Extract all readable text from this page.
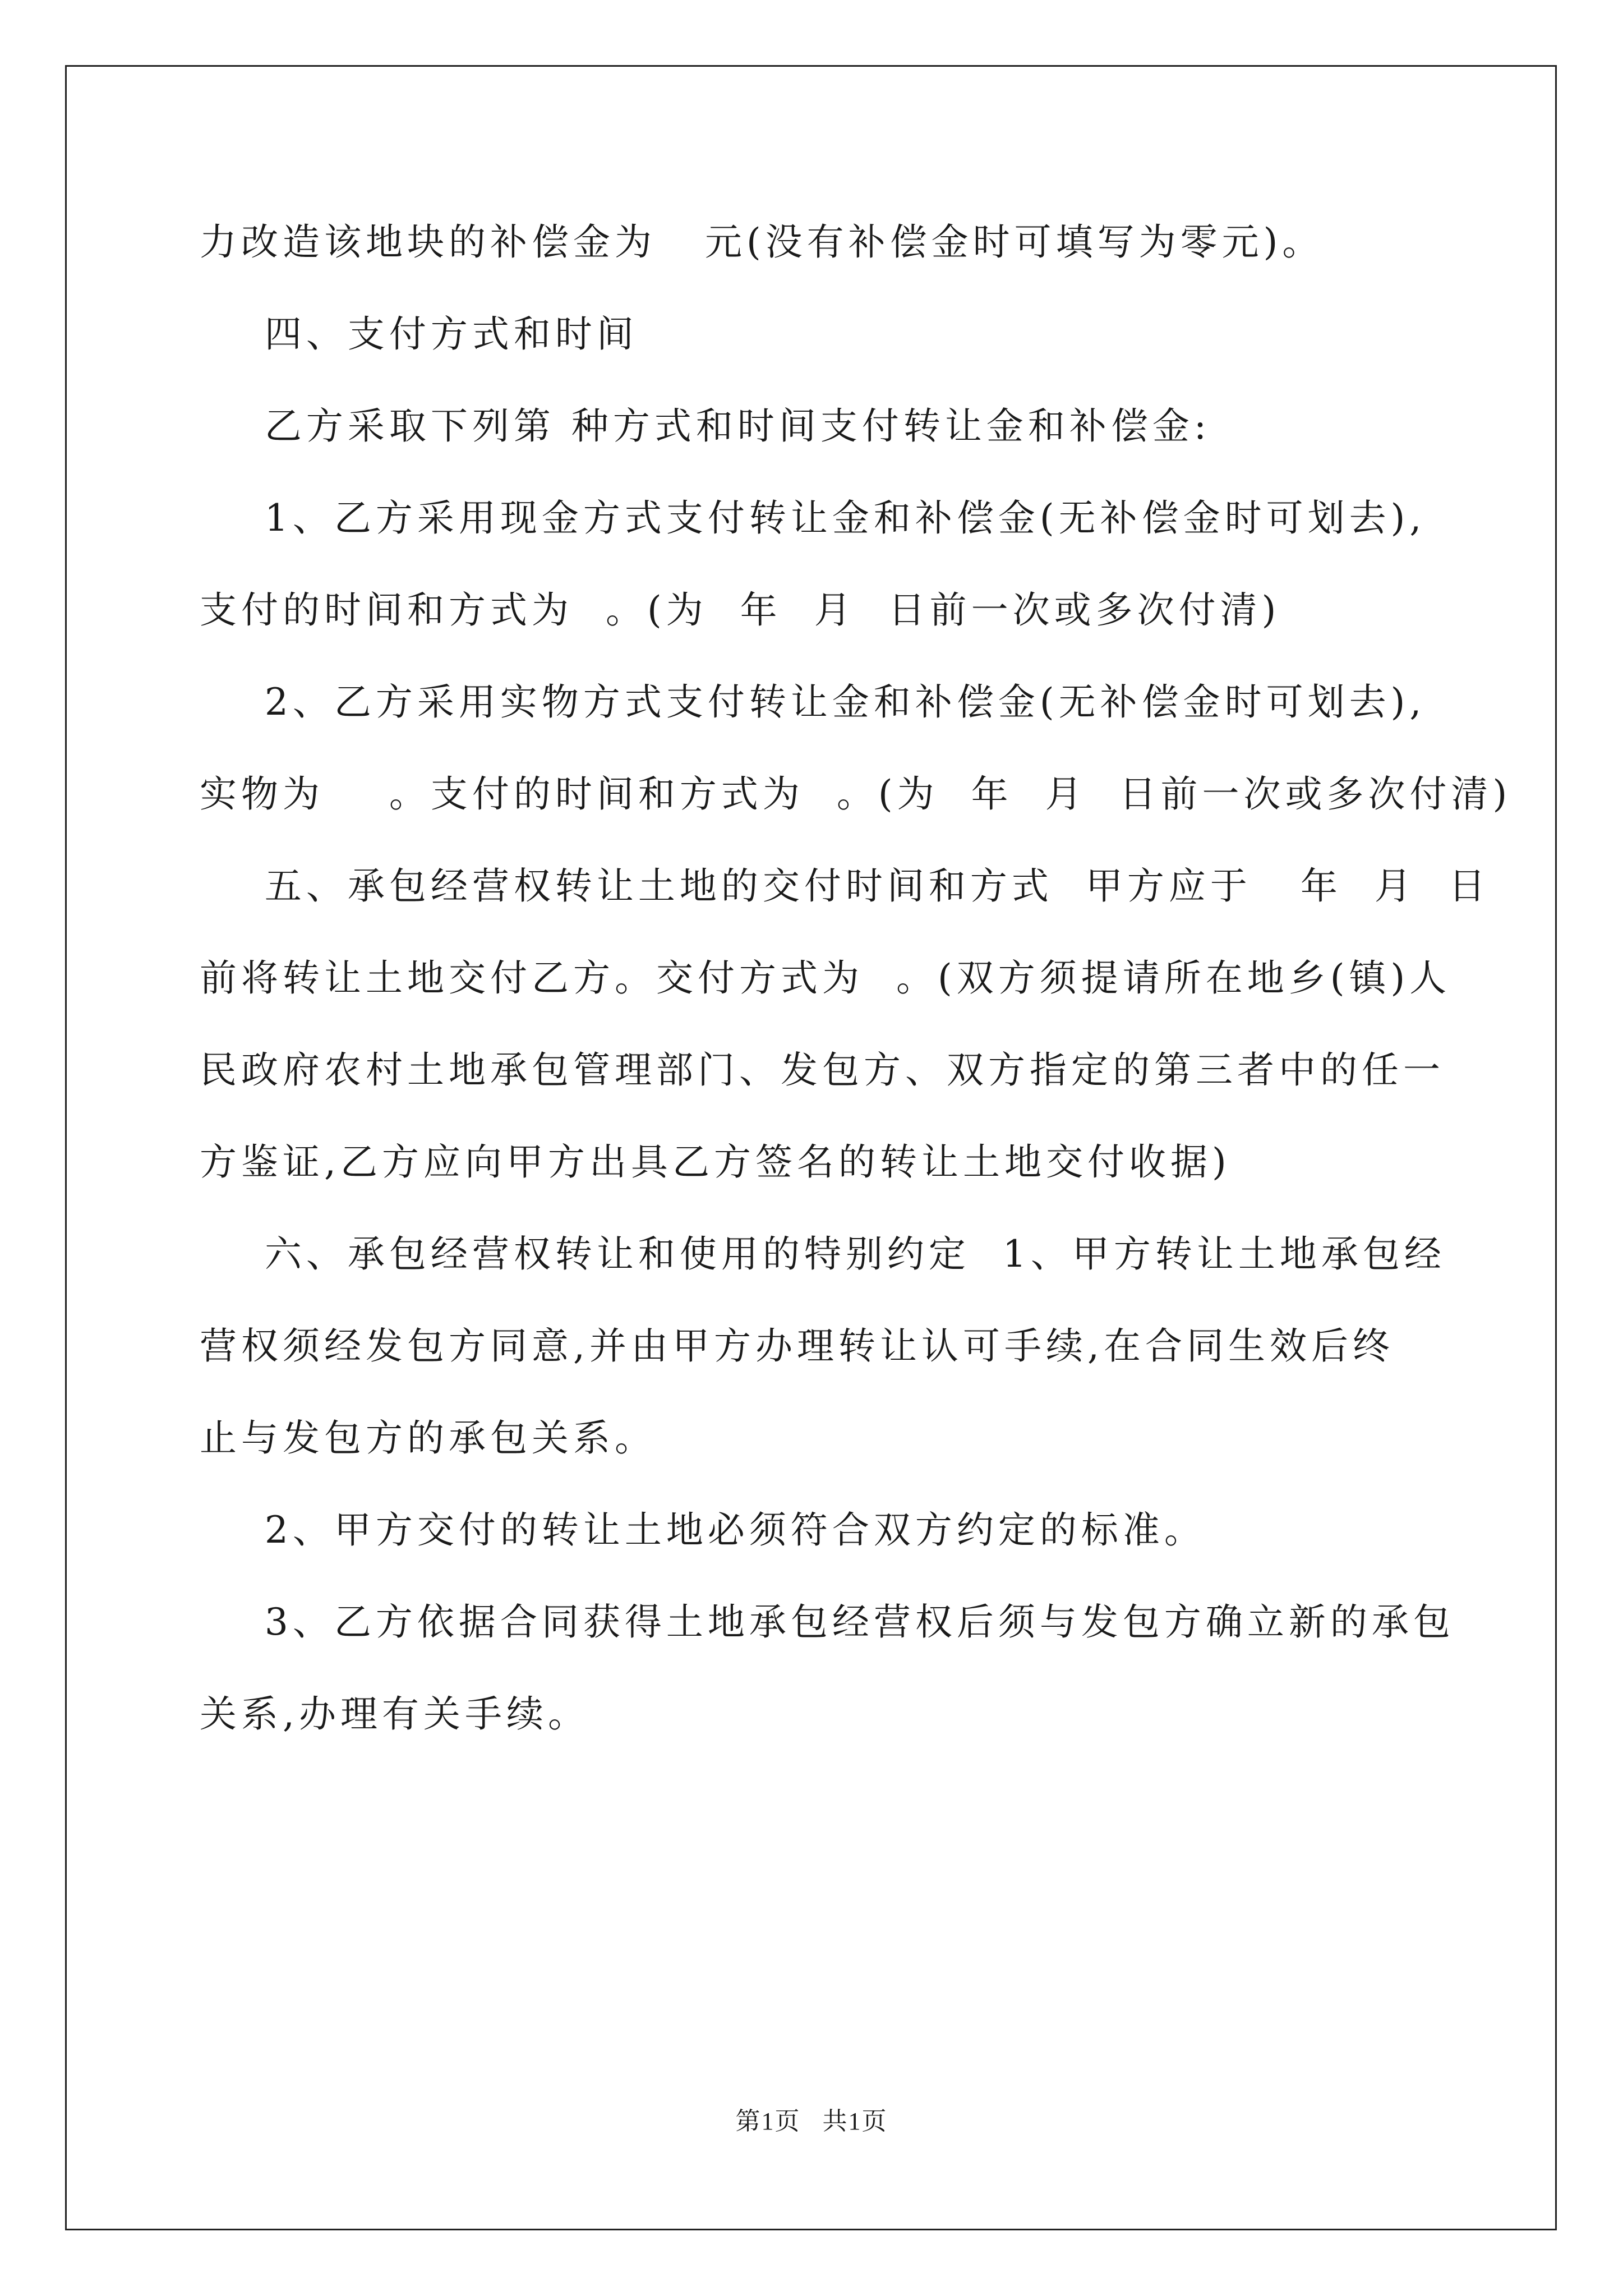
力改造该地块的补偿金为   元(没有补偿金时可填写为零元)。
四、支付方式和时间
乙方采取下列第 种方式和时间支付转让金和补偿金:
1、乙方采用现金方式支付转让金和补偿金(无补偿金时可划去),
支付的时间和方式为  。(为  年  月  日前一次或多次付清)
2、乙方采用实物方式支付转让金和补偿金(无补偿金时可划去),
实物为    。支付的时间和方式为  。(为  年  月  日前一次或多次付清)
五、承包经营权转让土地的交付时间和方式  甲方应于   年  月  日
前将转让土地交付乙方。交付方式为  。(双方须提请所在地乡(镇)人
民政府农村土地承包管理部门、发包方、双方指定的第三者中的任一
方鉴证,乙方应向甲方出具乙方签名的转让土地交付收据)
六、承包经营权转让和使用的特别约定  1、甲方转让土地承包经
营权须经发包方同意,并由甲方办理转让认可手续,在合同生效后终
止与发包方的承包关系。
2、甲方交付的转让土地必须符合双方约定的标准。
3、乙方依据合同获得土地承包经营权后须与发包方确立新的承包
关系,办理有关手续。
第1页   共1页
